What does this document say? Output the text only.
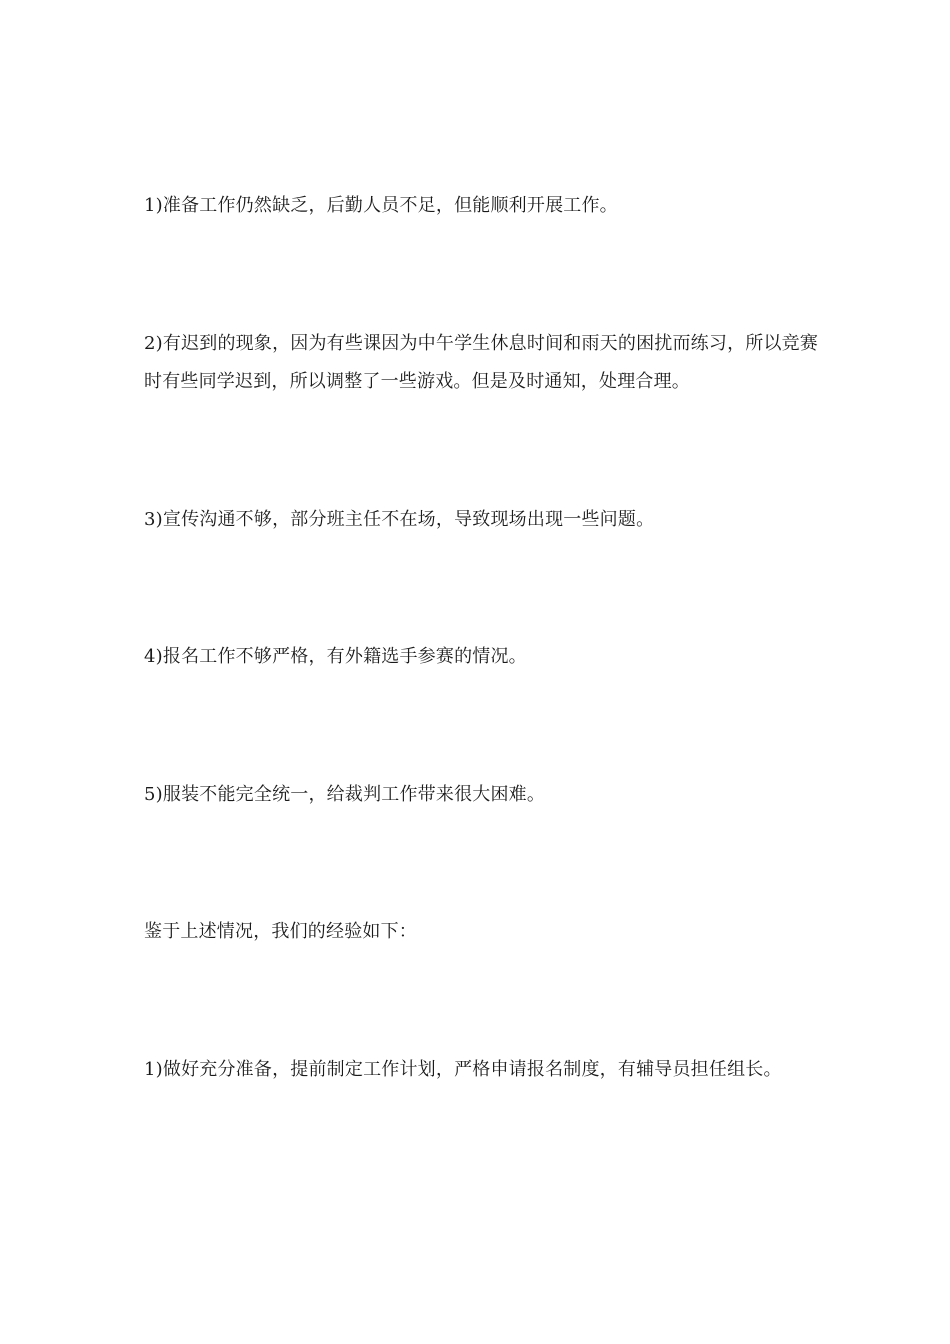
1)准备工作仍然缺乏，后勤人员不足，但能顺利开展工作。

2)有迟到的现象，因为有些课因为中午学生休息时间和雨天的困扰而练习，所以竞赛时有些同学迟到，所以调整了一些游戏。但是及时通知，处理合理。

3)宣传沟通不够，部分班主任不在场，导致现场出现一些问题。

4)报名工作不够严格，有外籍选手参赛的情况。

5)服装不能完全统一，给裁判工作带来很大困难。

鉴于上述情况，我们的经验如下：

1)做好充分准备，提前制定工作计划，严格申请报名制度，有辅导员担任组长。
